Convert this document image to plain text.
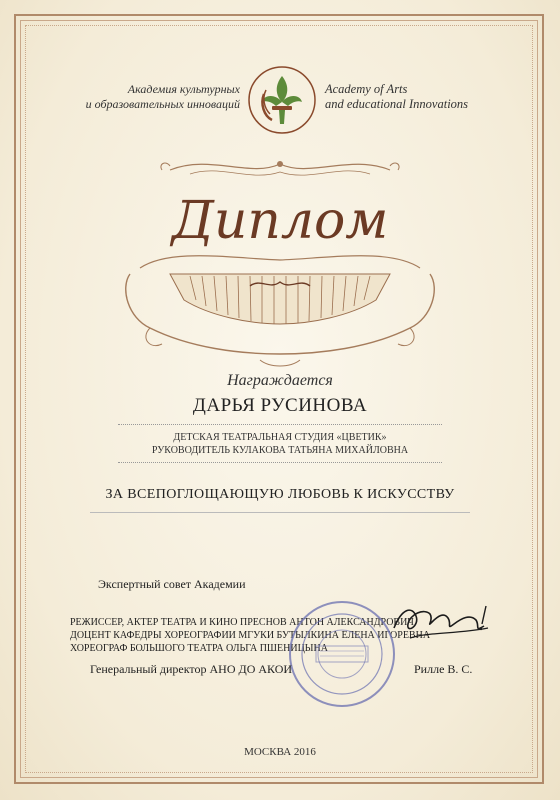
Академия культурных
и образовательных инноваций
Academy of Arts
and educational Innovations
Диплом
Награждается
ДАРЬЯ РУСИНОВА
ДЕТСКАЯ ТЕАТРАЛЬНАЯ СТУДИЯ «ЦВЕТИК»
РУКОВОДИТЕЛЬ КУЛАКОВА ТАТЬЯНА МИХАЙЛОВНА
ЗА ВСЕПОГЛОЩАЮЩУЮ ЛЮБОВЬ К ИСКУССТВУ
Экспертный совет Академии
РЕЖИССЕР, АКТЕР ТЕАТРА И КИНО ПРЕСНОВ АНТОН АЛЕКСАНДРОВИЧ
ДОЦЕНТ КАФЕДРЫ ХОРЕОГРАФИИ МГУКИ БУТЫЛКИНА ЕЛЕНА ИГОРЕВНА
ХОРЕОГРАФ БОЛЬШОГО ТЕАТРА ОЛЬГА ПШЕНИЦЫНА
Генеральный директор АНО ДО АКОИ	Рилле В. С.
МОСКВА 2016
